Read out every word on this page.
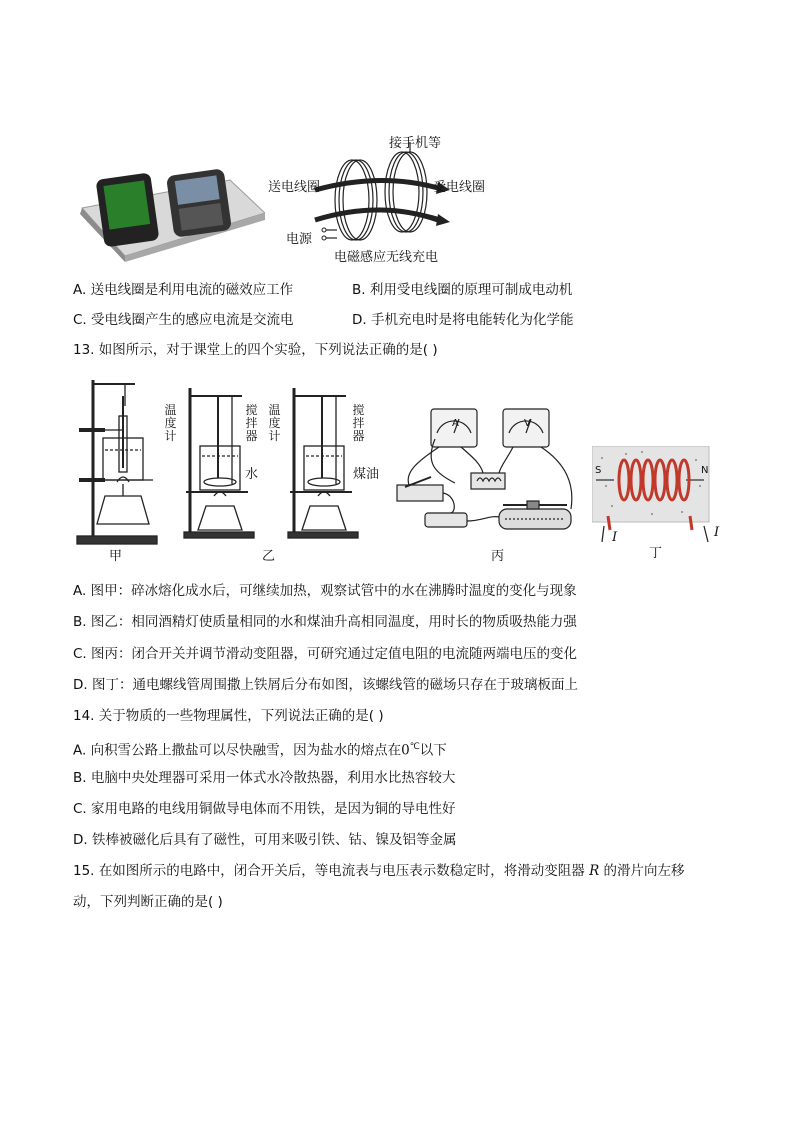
接手机等
送电线圈	受电线圈
电源
电磁感应无线充电
A. 送电线圈是利用电流的磁效应工作	B. 利用受电线圈的原理可制成电动机
C. 受电线圈产生的感应电流是交流电	D. 手机充电时是将电能转化为化学能
13. 如图所示，对于课堂上的四个实验，下列说法正确的是( )
甲
温度计
搅拌器
水
温度计
搅拌器
煤油
乙
A	V
丙
S	N
I	I
丁
A. 图甲：碎冰熔化成水后，可继续加热，观察试管中的水在沸腾时温度的变化与现象
B. 图乙：相同酒精灯使质量相同的水和煤油升高相同温度，用时长的物质吸热能力强
C. 图丙：闭合开关并调节滑动变阻器，可研究通过定值电阻的电流随两端电压的变化
D. 图丁：通电螺线管周围撒上铁屑后分布如图，该螺线管的磁场只存在于玻璃板面上
14. 关于物质的一些物理属性，下列说法正确的是( )
A. 向积雪公路上撒盐可以尽快融雪，因为盐水的熔点在0℃以下
B. 电脑中央处理器可采用一体式水冷散热器，利用水比热容较大
C. 家用电路的电线用铜做导电体而不用铁，是因为铜的导电性好
D. 铁棒被磁化后具有了磁性，可用来吸引铁、钴、镍及铝等金属
15. 在如图所示的电路中，闭合开关后，等电流表与电压表示数稳定时，将滑动变阻器 R 的滑片向左移
动，下列判断正确的是( )
